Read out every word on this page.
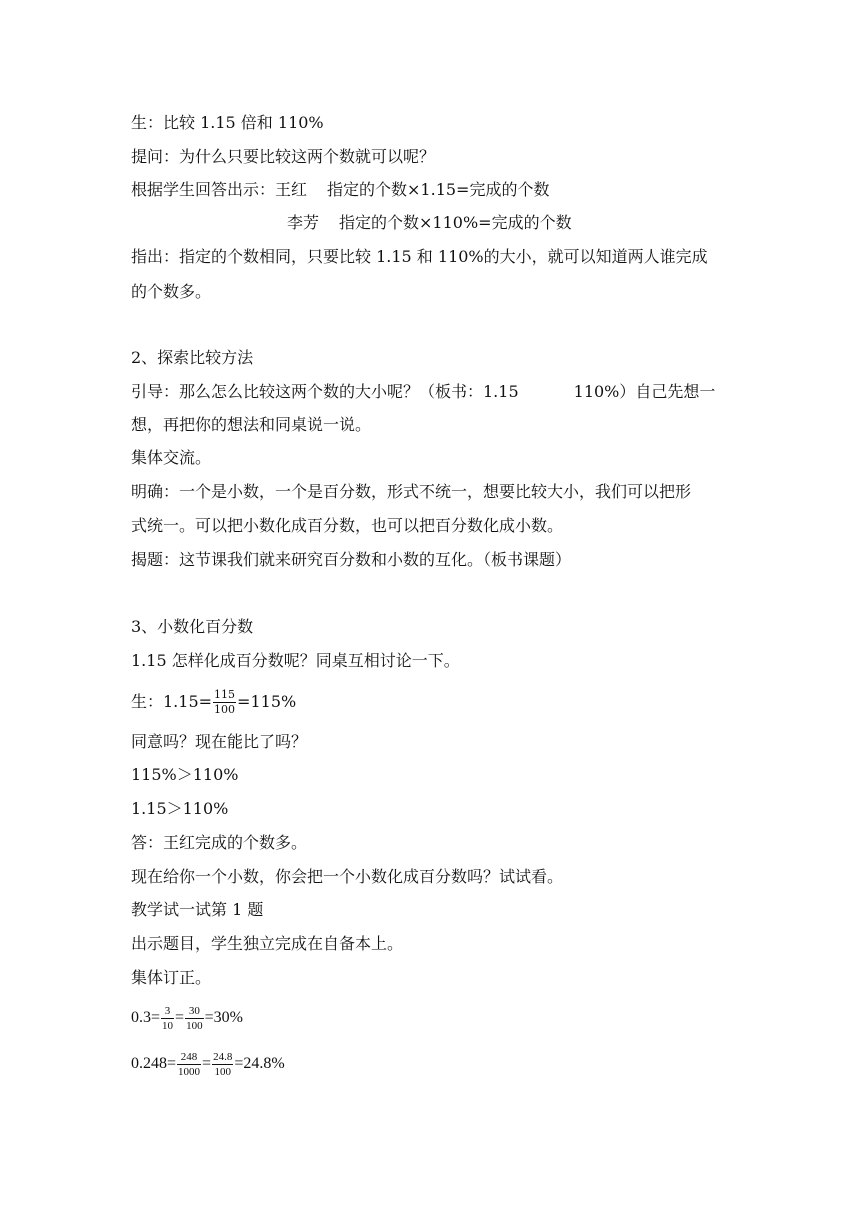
生：比较 1.15 倍和 110%
提问：为什么只要比较这两个数就可以呢？
根据学生回答出示：王红 指定的个数×1.15=完成的个数
李芳 指定的个数×110%=完成的个数
指出：指定的个数相同，只要比较 1.15 和 110%的大小，就可以知道两人谁完成
的个数多。
2、探索比较方法
引导：那么怎么比较这两个数的大小呢？（板书：1.15	110%）自己先想一
想，再把你的想法和同桌说一说。
集体交流。
明确：一个是小数，一个是百分数，形式不统一，想要比较大小，我们可以把形
式统一。可以把小数化成百分数，也可以把百分数化成小数。
揭题：这节课我们就来研究百分数和小数的互化。（板书课题）
3、小数化百分数
1.15 怎样化成百分数呢？同桌互相讨论一下。
生：$1.15= \frac{115}{100} =115\%$
同意吗？现在能比了吗？
115%＞110%
1.15＞110%
答：王红完成的个数多。
现在给你一个小数，你会把一个小数化成百分数吗？试试看。
教学试一试第 1 题
出示题目，学生独立完成在自备本上。
集体订正。
$0.3= \frac{3}{10} = \frac{30}{100} =30\%$
$0.248= \frac{248}{1000} = \frac{24.8}{100} =24.8\%$
